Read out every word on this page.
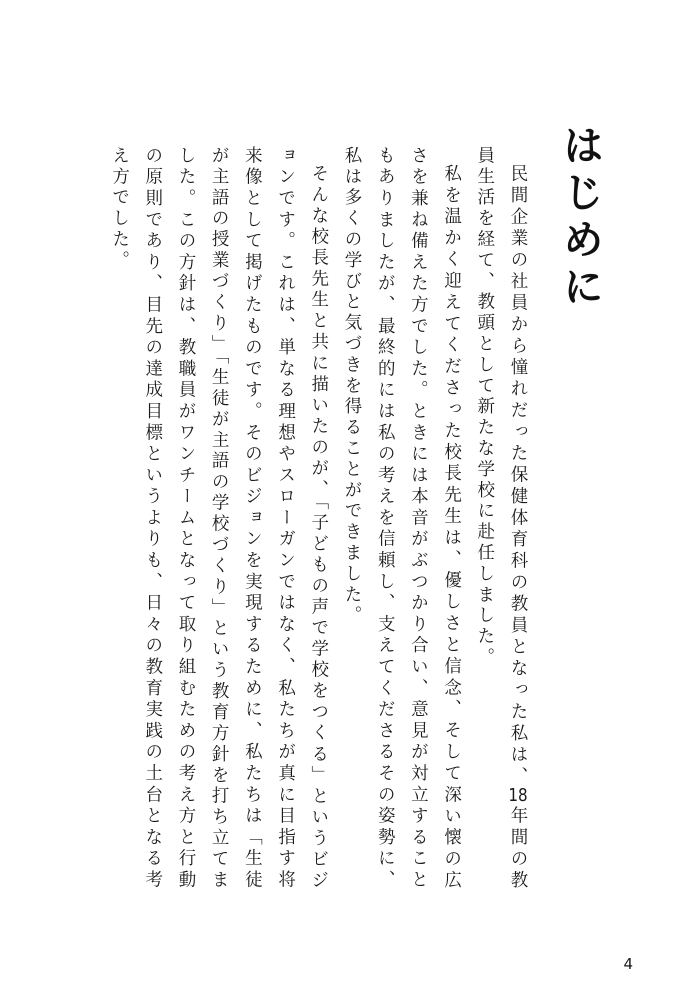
はじめに

民間企業の社員から憧れだった保健体育科の教員となった私は、18年間の教員生活を経て、教頭として新たな学校に赴任しました。

私を温かく迎えてくださった校長先生は、優しさと信念、そして深い懐の広さを兼ね備えた方でした。ときには本音がぶつかり合い、意見が対立することもありましたが、最終的には私の考えを信頼し、支えてくださるその姿勢に、私は多くの学びと気づきを得ることができました。

そんな校長先生と共に描いたのが、「子どもの声で学校をつくる」というビジョンです。これは、単なる理想やスローガンではなく、私たちが真に目指す将来像として掲げたものです。そのビジョンを実現するために、私たちは「生徒が主語の授業づくり」「生徒が主語の学校づくり」という教育方針を打ち立てました。この方針は、教職員がワンチームとなって取り組むための考え方と行動の原則であり、目先の達成目標というよりも、日々の教育実践の土台となる考え方でした。

4
